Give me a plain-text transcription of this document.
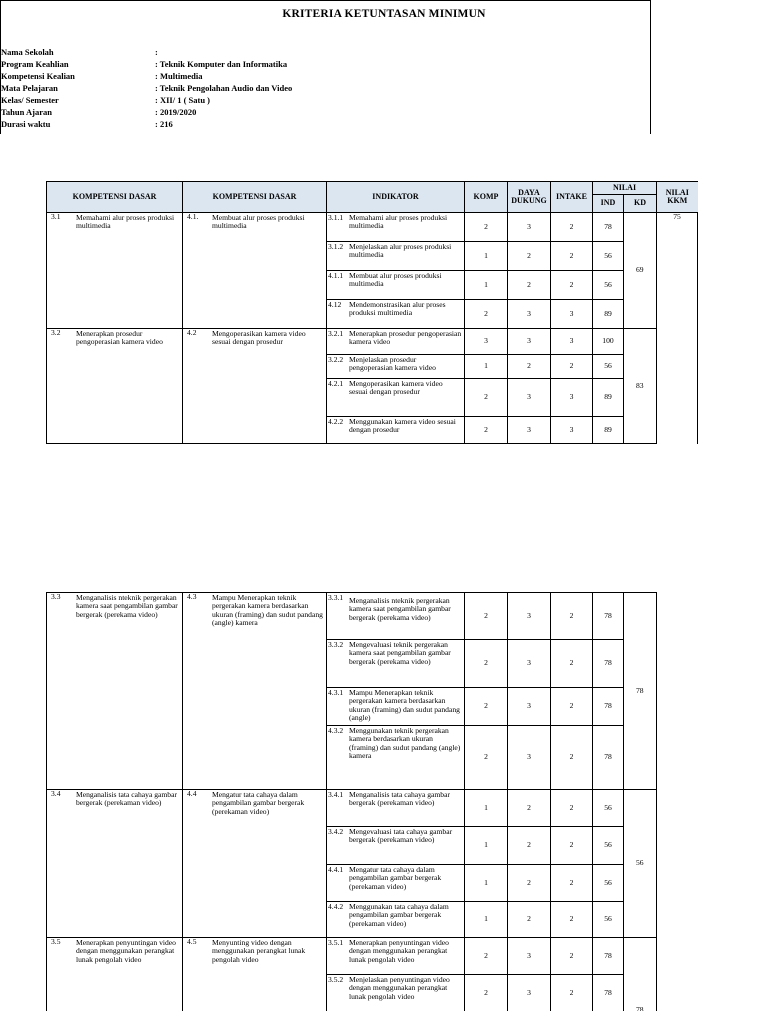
KRITERIA KETUNTASAN MINIMUN
Nama Sekolah	:
Program Keahlian	: Teknik Komputer dan Informatika
Kompetensi Kealian	: Multimedia
Mata Pelajaran	: Teknik Pengolahan Audio dan Video
Kelas/ Semester	: XII/ 1 ( Satu )
Tahun Ajaran	: 2019/2020
Durasi waktu	: 216
KOMPETENSI DASAR	KOMPETENSI DASAR	INDIKATOR	KOMP	DAYA DUKUNG	INTAKE	NILAI		NILAI KKM
						IND	KD	

3.1 Memahami alur proses produksi multimedia	4.1. Membuat alur proses produksi multimedia	3.1.1 Memahami alur proses produksi multimedia	2	3	2	78	69	75

		3.1.2 Menjelaskan alur proses produksi multimedia	1	2	2	56		

		4.1.1 Membuat alur proses produksi multimedia	1	2	2	56		

		4.12 Mendemonstrasikan alur proses produksi multimedia	2	3	3	89		

3.2 Menerapkan prosedur pengoperasian kamera video	4.2 Mengoperasikan kamera video sesuai dengan prosedur	3.2.1 Menerapkan prosedur pengoperasian kamera video	3	3	3	100	83	

		3.2.2 Menjelaskan prosedur pengoperasian kamera video	1	2	2	56		

		4.2.1 Mengoperasikan kamera video sesuai dengan prosedur	2	3	3	89		

		4.2.2 Menggunakan kamera video sesuai dengan prosedur	2	3	3	89		
3.3 Menganalisis nteknik pergerakan kamera saat pengambilan gambar bergerak (perekama video)	4.3 Mampu Menerapkan teknik pergerakan kamera berdasarkan ukuran (framing) dan sudut pandang (angle) kamera	3.3.1 Menganalisis nteknik pergerakan kamera saat pengambilan gambar bergerak (perekama video)	2	3	2	78	78	

		3.3.2 Mengevaluasi teknik pergerakan kamera saat pengambilan gambar bergerak (perekama video)	2	3	2	78		

		4.3.1 Mampu Menerapkan teknik pergerakan kamera berdasarkan ukuran (framing) dan sudut pandang (angle)	2	3	2	78		

		4.3.2 Menggunakan teknik pergerakan kamera berdasarkan ukuran (framing) dan sudut pandang (angle) kamera	2	3	2	78		

3.4 Menganalisis tata cahaya gambar bergerak (perekaman video)	4.4 Mengatur tata cahaya dalam pengambilan gambar bergerak (perekaman video)	3.4.1 Menganalisis tata cahaya gambar bergerak (perekaman video)	1	2	2	56	56	

		3.4.2 Mengevaluasi tata cahaya gambar bergerak (perekaman video)	1	2	2	56		

		4.4.1 Mengatur tata cahaya dalam pengambilan gambar bergerak (perekaman video)	1	2	2	56		

		4.4.2 Menggunakan tata cahaya dalam pengambilan gambar bergerak (perekaman video)	1	2	2	56		

3.5 Menerapkan penyuntingan video dengan menggunakan perangkat lunak pengolah video	4.5 Menyunting video dengan menggunakan perangkat lunak pengolah video	3.5.1 Menerapkan penyuntingan video dengan menggunakan perangkat lunak pengolah video	2	3	2	78	78	

		3.5.2 Menjelaskan penyuntingan video dengan menggunakan perangkat lunak pengolah video	2	3	2	78		
